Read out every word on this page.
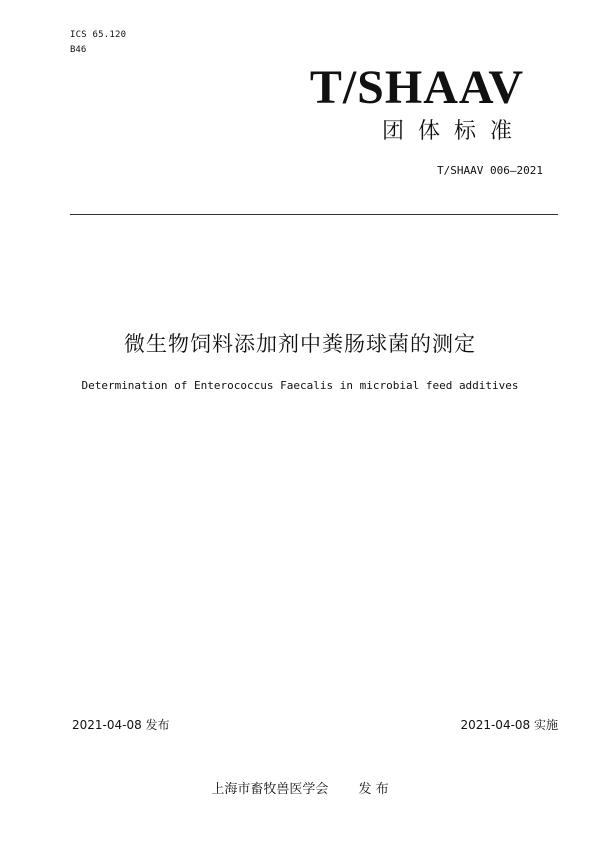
ICS 65.120
B46
T/SHAAV
团体标准
T/SHAAV 006—2021
微生物饲料添加剂中粪肠球菌的测定
Determination of Enterococcus Faecalis in microbial feed additives
2021-04-08 发布	2021-04-08 实施
上海市畜牧兽医学会 发 布
